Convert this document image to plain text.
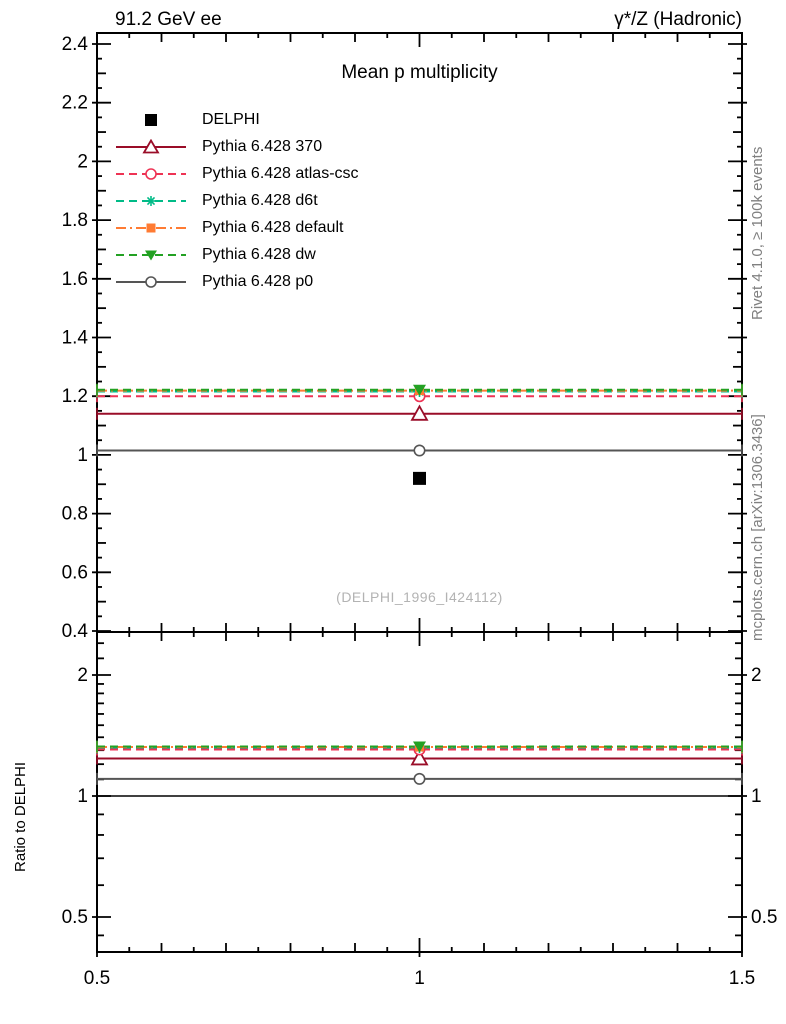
0.5	1	1.5
2.4
2.2
2
1.8
1.6
1.4
1.2
1
0.8
0.6
0.4
2	2
1	1
0.5	0.5
91.2 GeV ee	γ*/Z (Hadronic)
Mean p multiplicity
DELPHI
Pythia 6.428 370
Pythia 6.428 atlas-csc
Pythia 6.428 d6t
Pythia 6.428 default
Pythia 6.428 dw
Pythia 6.428 p0
(DELPHI_1996_I424112)
Rivet 4.1.0, ≥ 100k events
mcplots.cern.ch [arXiv:1306.3436]
Ratio to DELPHI
